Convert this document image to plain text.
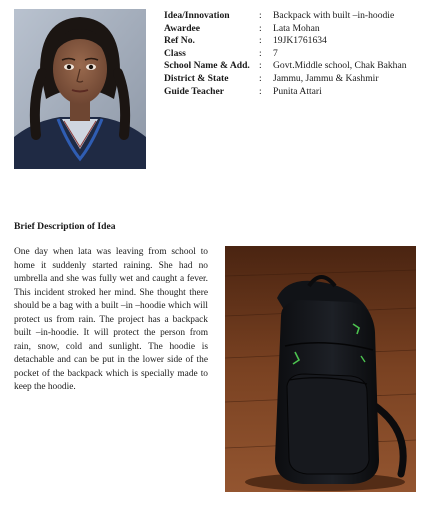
Idea/Innovation	:	Backpack with built –in-hoodie
Awardee	:	Lata Mohan
Ref No.	:	19JK1761634
Class	:	7
School Name & Add. :	Govt.Middle school, Chak Bakhan
District & State	:	Jammu, Jammu & Kashmir
Guide Teacher	:	Punita Attari
Brief Description of Idea

One day when lata was leaving from school to home it suddenly started raining. She had no umbrella and she was fully wet and caught a fever. This incident stroked her mind. She thought there should be a bag with a built –in –hoodie which will protect us from rain. The project has a backpack built –in-hoodie. It will protect the person from rain, snow, cold and sunlight. The hoodie is detachable and can be put in the lower side of the pocket of the backpack which is specially made to keep the hoodie.
